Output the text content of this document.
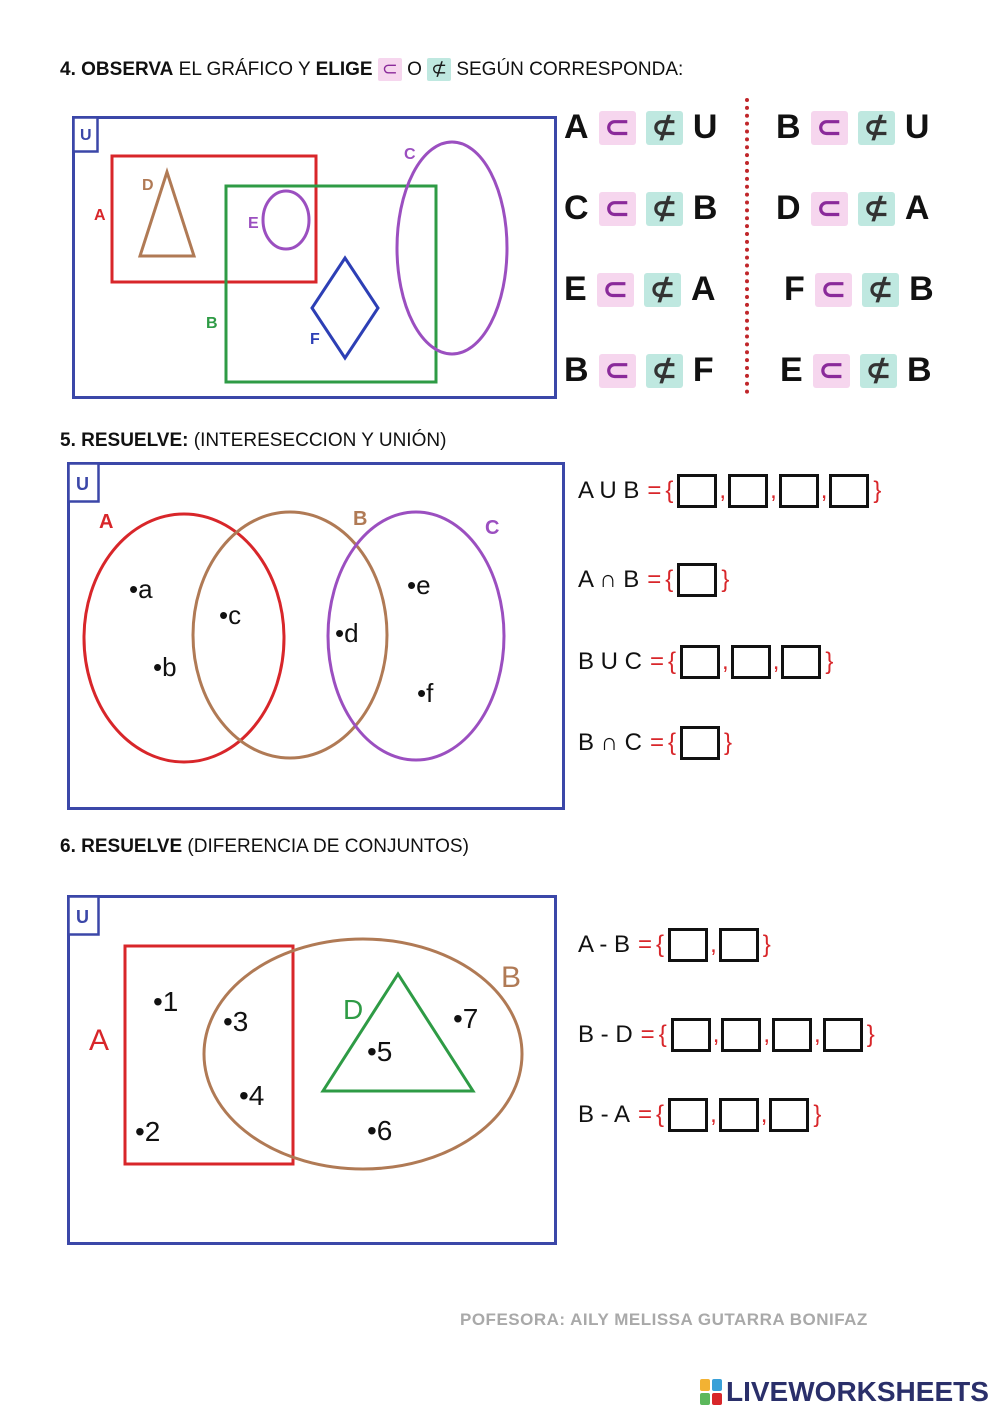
4. OBSERVA EL GRÁFICO Y ELIGE ⊂ O ⊄ SEGÚN CORRESPONDA:
U
A
D
B
E
F
C
A ⊂ ⊄ U
C ⊂ ⊄ B
E ⊂ ⊄ A
B ⊂ ⊄ F
B ⊂ ⊄ U
D ⊂ ⊄ A
F ⊂ ⊄ B
E ⊂ ⊄ B
5. RESUELVE: (INTERESECCION Y UNIÓN)
U
A	B	C
•a
•b
•c
•d
•e
•f
A U B = { , , , }
A ∩ B = { }
B U C = { , , }
B ∩ C = { }
6. RESUELVE (DIFERENCIA DE CONJUNTOS)
U
A
B
D
•1
•2
•3
•4
•5
•6
•7
A - B = { , }
B - D = { , , , }
B - A = { , , }
POFESORA: AILY MELISSA GUTARRA BONIFAZ
LIVEWORKSHEETS
